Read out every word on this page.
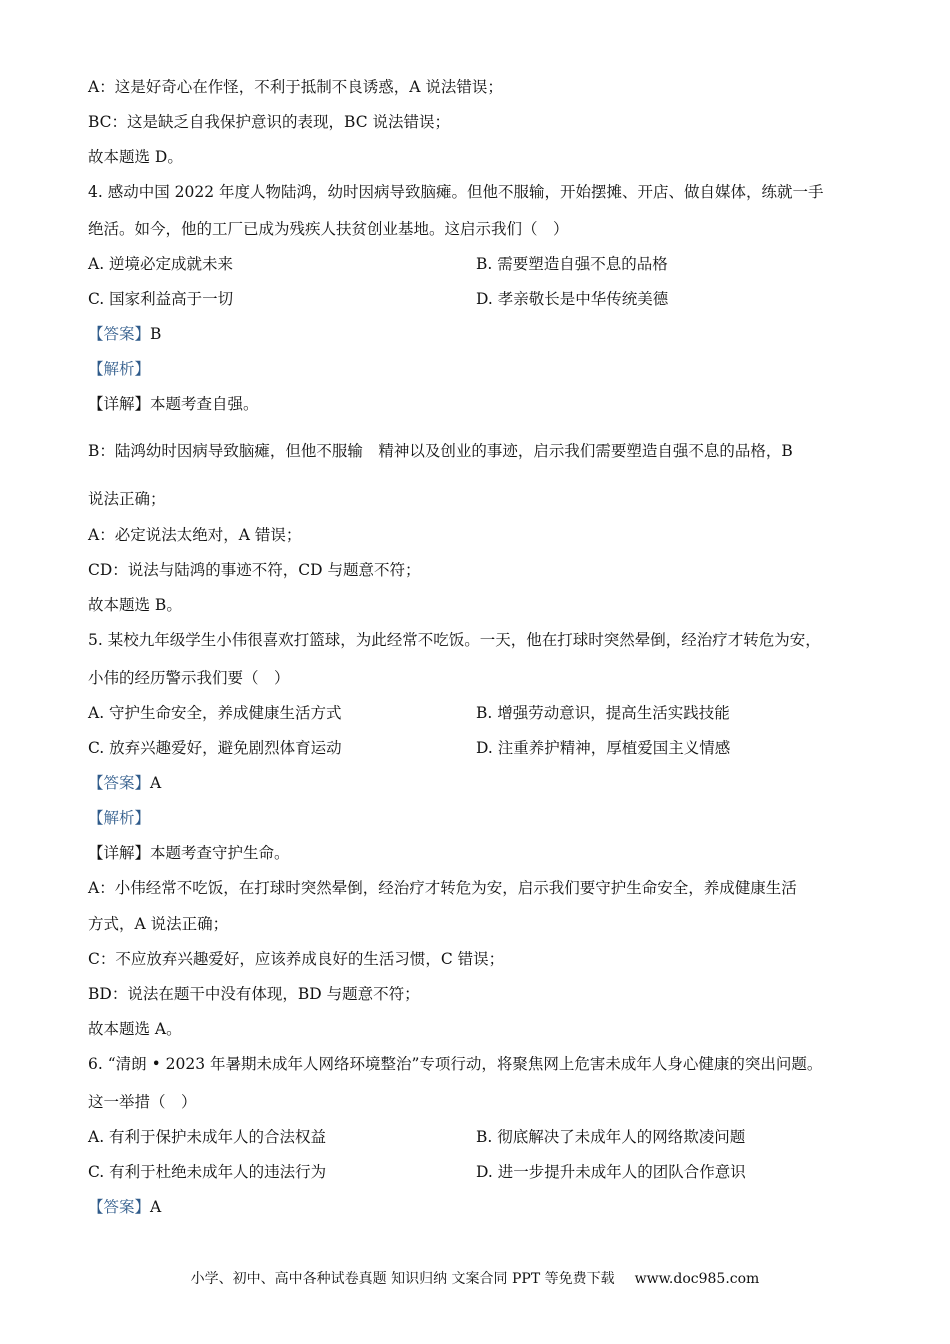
A：这是好奇心在作怪，不利于抵制不良诱惑，A 说法错误；
BC：这是缺乏自我保护意识的表现，BC 说法错误；
故本题选 D。
4. 感动中国 2022 年度人物陆鸿，幼时因病导致脑瘫。但他不服输，开始摆摊、开店、做自媒体，练就一手
绝活。如今，他的工厂已成为残疾人扶贫创业基地。这启示我们（　）
A. 逆境必定成就未来	B. 需要塑造自强不息的品格
C. 国家利益高于一切	D. 孝亲敬长是中华传统美德
【答案】B
【解析】
【详解】本题考查自强。
B：陆鸿幼时因病导致脑瘫，但他不服输　精神以及创业的事迹，启示我们需要塑造自强不息的品格，B
说法正确；
A：必定说法太绝对，A 错误；
CD：说法与陆鸿的事迹不符，CD 与题意不符；
故本题选 B。
5. 某校九年级学生小伟很喜欢打篮球，为此经常不吃饭。一天，他在打球时突然晕倒，经治疗才转危为安，
小伟的经历警示我们要（　）
A. 守护生命安全，养成健康生活方式	B. 增强劳动意识，提高生活实践技能
C. 放弃兴趣爱好，避免剧烈体育运动	D. 注重养护精神，厚植爱国主义情感
【答案】A
【解析】
【详解】本题考查守护生命。
A：小伟经常不吃饭，在打球时突然晕倒，经治疗才转危为安，启示我们要守护生命安全，养成健康生活
方式，A 说法正确；
C：不应放弃兴趣爱好，应该养成良好的生活习惯，C 错误；
BD：说法在题干中没有体现，BD 与题意不符；
故本题选 A。
6. “清朗 • 2023 年暑期未成年人网络环境整治”专项行动，将聚焦网上危害未成年人身心健康的突出问题。
这一举措（　）
A. 有利于保护未成年人的合法权益	B. 彻底解决了未成年人的网络欺凌问题
C. 有利于杜绝未成年人的违法行为	D. 进一步提升未成年人的团队合作意识
【答案】A
小学、初中、高中各种试卷真题 知识归纳 文案合同 PPT 等免费下载 www.doc985.com
